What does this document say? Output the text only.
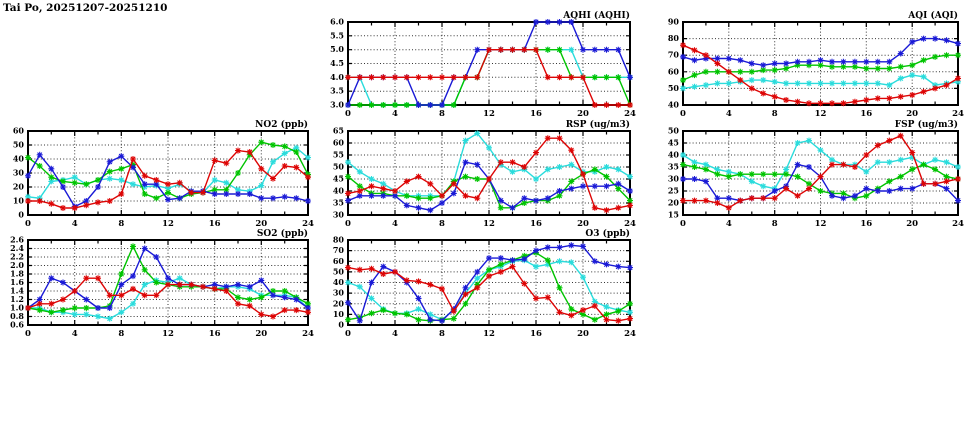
Tai Po, 20251207-20251210
3.0
3.5
4.0
4.5
5.0
5.5
6.0
0	4	8	12	16	20	24
AQHI (AQHI)
40
50
60
70
80
90
0	4	8	12	16	20	24
AQI (AQI)
0
10
20
30
40
50
60
0	4	8	12	16	20	24
NO2 (ppb)
30
35
40
45
50
55
60
65
0	4	8	12	16	20	24
RSP (ug/m3)
15
20
25
30
35
40
45
50
0	4	8	12	16	20	24
FSP (ug/m3)
0.6
0.8
1.0
1.2
1.4
1.6
1.8
2.0
2.2
2.4
2.6
0	4	8	12	16	20	24
SO2 (ppb)
0
10
20
30
40
50
60
70
80
0	4	8	12	16	20	24
O3 (ppb)
